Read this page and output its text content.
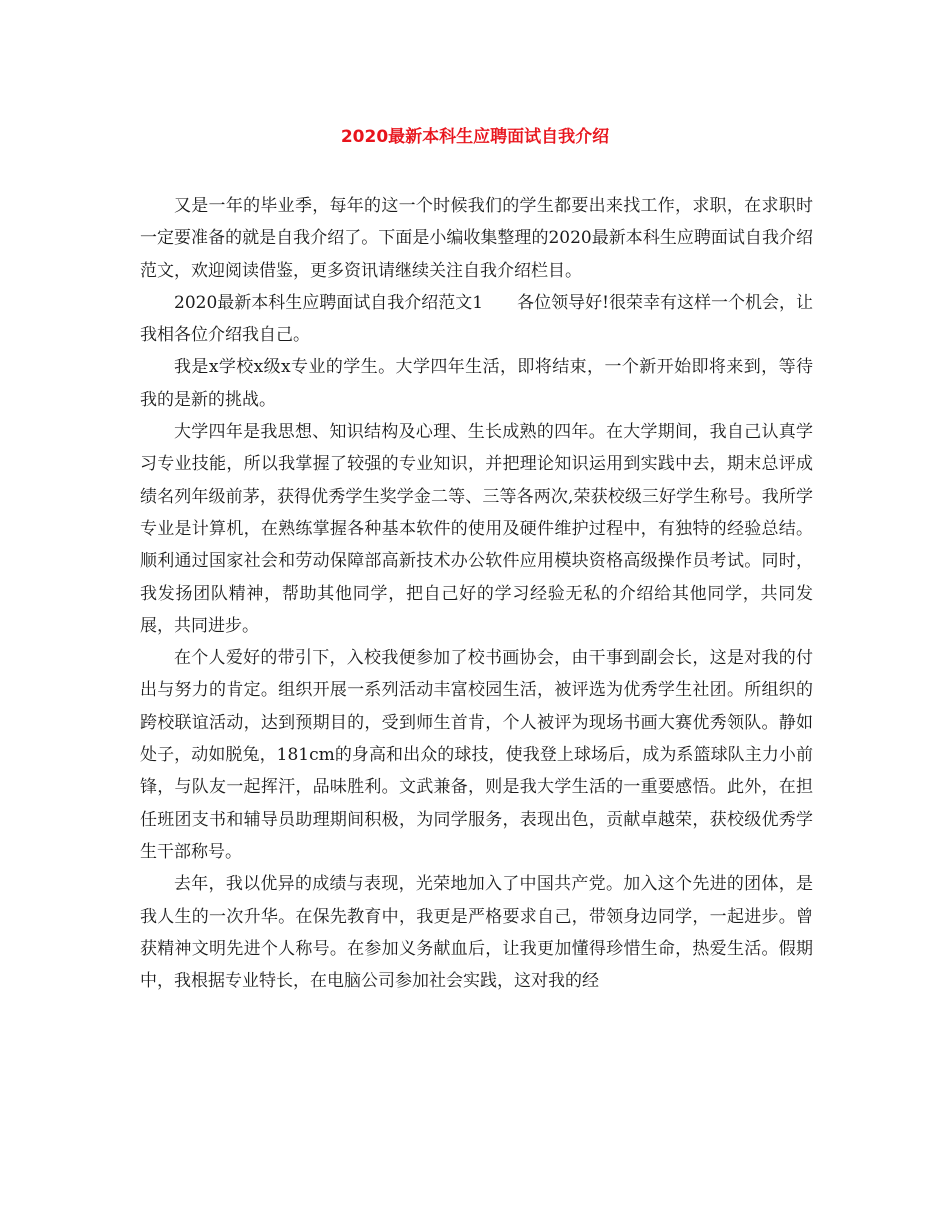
2020最新本科生应聘面试自我介绍

又是一年的毕业季，每年的这一个时候我们的学生都要出来找工作，求职，在求职时一定要准备的就是自我介绍了。下面是小编收集整理的2020最新本科生应聘面试自我介绍范文，欢迎阅读借鉴，更多资讯请继续关注自我介绍栏目。

2020最新本科生应聘面试自我介绍范文1　　各位领导好!很荣幸有这样一个机会，让我相各位介绍我自己。

我是x学校x级x专业的学生。大学四年生活，即将结束，一个新开始即将来到，等待我的是新的挑战。

大学四年是我思想、知识结构及心理、生长成熟的四年。在大学期间，我自己认真学习专业技能，所以我掌握了较强的专业知识，并把理论知识运用到实践中去，期末总评成绩名列年级前茅，获得优秀学生奖学金二等、三等各两次,荣获校级三好学生称号。我所学专业是计算机，在熟练掌握各种基本软件的使用及硬件维护过程中，有独特的经验总结。顺利通过国家社会和劳动保障部高新技术办公软件应用模块资格高级操作员考试。同时，我发扬团队精神，帮助其他同学，把自己好的学习经验无私的介绍给其他同学，共同发展，共同进步。

在个人爱好的带引下，入校我便参加了校书画协会，由干事到副会长，这是对我的付出与努力的肯定。组织开展一系列活动丰富校园生活，被评选为优秀学生社团。所组织的跨校联谊活动，达到预期目的，受到师生首肯，个人被评为现场书画大赛优秀领队。静如处子，动如脱兔，181cm的身高和出众的球技，使我登上球场后，成为系篮球队主力小前锋，与队友一起挥汗，品味胜利。文武兼备，则是我大学生活的一重要感悟。此外，在担任班团支书和辅导员助理期间积极，为同学服务，表现出色，贡献卓越荣，获校级优秀学生干部称号。

去年，我以优异的成绩与表现，光荣地加入了中国共产党。加入这个先进的团体，是我人生的一次升华。在保先教育中，我更是严格要求自己，带领身边同学，一起进步。曾获精神文明先进个人称号。在参加义务献血后，让我更加懂得珍惜生命，热爱生活。假期中，我根据专业特长，在电脑公司参加社会实践，这对我的经
